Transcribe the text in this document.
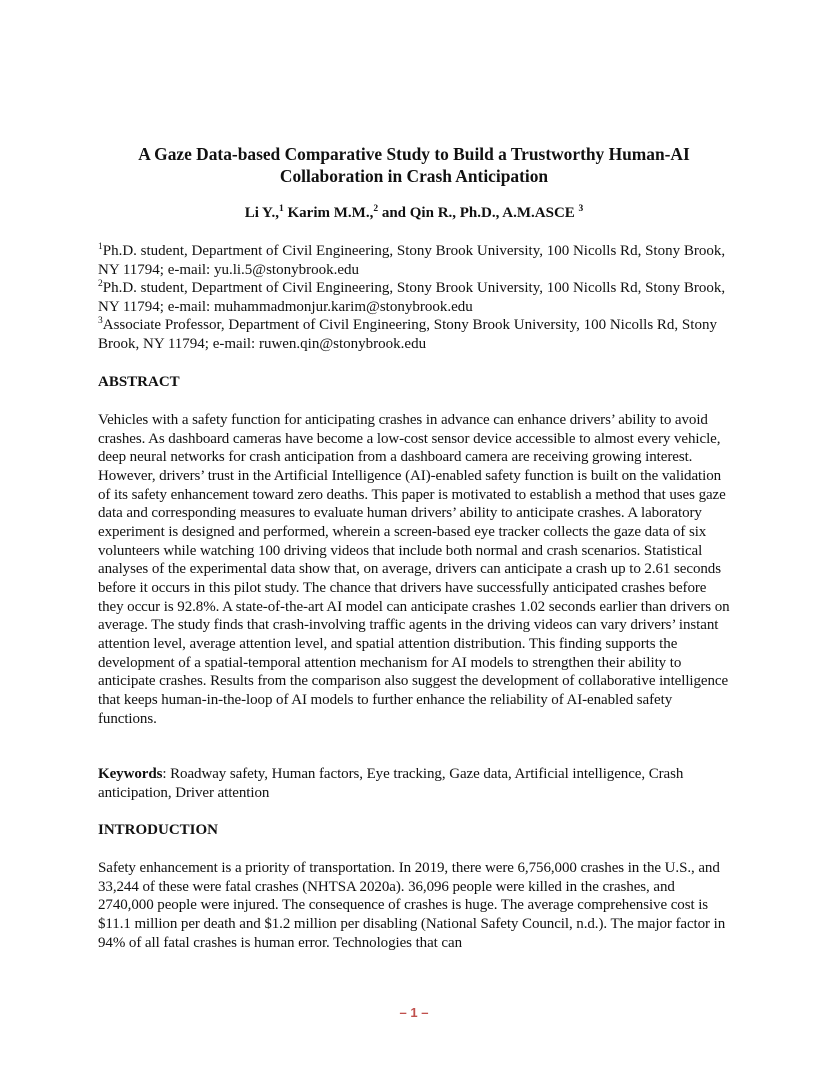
A Gaze Data-based Comparative Study to Build a Trustworthy Human-AI
Collaboration in Crash Anticipation
Li Y.,$^1$ Karim M.M.,$^2$ and Qin R., Ph.D., A.M.ASCE $^3$

$^1$Ph.D. student, Department of Civil Engineering, Stony Brook University, 100 Nicolls Rd, Stony Brook, NY 11794; e-mail: yu.li.5@stonybrook.edu

$^2$Ph.D. student, Department of Civil Engineering, Stony Brook University, 100 Nicolls Rd, Stony Brook, NY 11794; e-mail: muhammadmonjur.karim@stonybrook.edu

$^3$Associate Professor, Department of Civil Engineering, Stony Brook University, 100 Nicolls Rd, Stony Brook, NY 11794; e-mail: ruwen.qin@stonybrook.edu

ABSTRACT

Vehicles with a safety function for anticipating crashes in advance can enhance drivers’ ability to avoid crashes. As dashboard cameras have become a low-cost sensor device accessible to almost every vehicle, deep neural networks for crash anticipation from a dashboard camera are receiving growing interest. However, drivers’ trust in the Artificial Intelligence (AI)-enabled safety function is built on the validation of its safety enhancement toward zero deaths. This paper is motivated to establish a method that uses gaze data and corresponding measures to evaluate human drivers’ ability to anticipate crashes. A laboratory experiment is designed and performed, wherein a screen-based eye tracker collects the gaze data of six volunteers while watching 100 driving videos that include both normal and crash scenarios. Statistical analyses of the experimental data show that, on average, drivers can anticipate a crash up to 2.61 seconds before it occurs in this pilot study. The chance that drivers have successfully anticipated crashes before they occur is 92.8%. A state-of-the-art AI model can anticipate crashes 1.02 seconds earlier than drivers on average. The study finds that crash-involving traffic agents in the driving videos can vary drivers’ instant attention level, average attention level, and spatial attention distribution. This finding supports the development of a spatial-temporal attention mechanism for AI models to strengthen their ability to anticipate crashes. Results from the comparison also suggest the development of collaborative intelligence that keeps human-in-the-loop of AI models to further enhance the reliability of AI-enabled safety functions.

Keywords: Roadway safety, Human factors, Eye tracking, Gaze data, Artificial intelligence, Crash anticipation, Driver attention

INTRODUCTION

Safety enhancement is a priority of transportation. In 2019, there were 6,756,000 crashes in the U.S., and 33,244 of these were fatal crashes (NHTSA 2020a). 36,096 people were killed in the crashes, and 2740,000 people were injured. The consequence of crashes is huge. The average comprehensive cost is $11.1 million per death and $1.2 million per disabling (National Safety Council, n.d.). The major factor in 94% of all fatal crashes is human error. Technologies that can

– 1 –
